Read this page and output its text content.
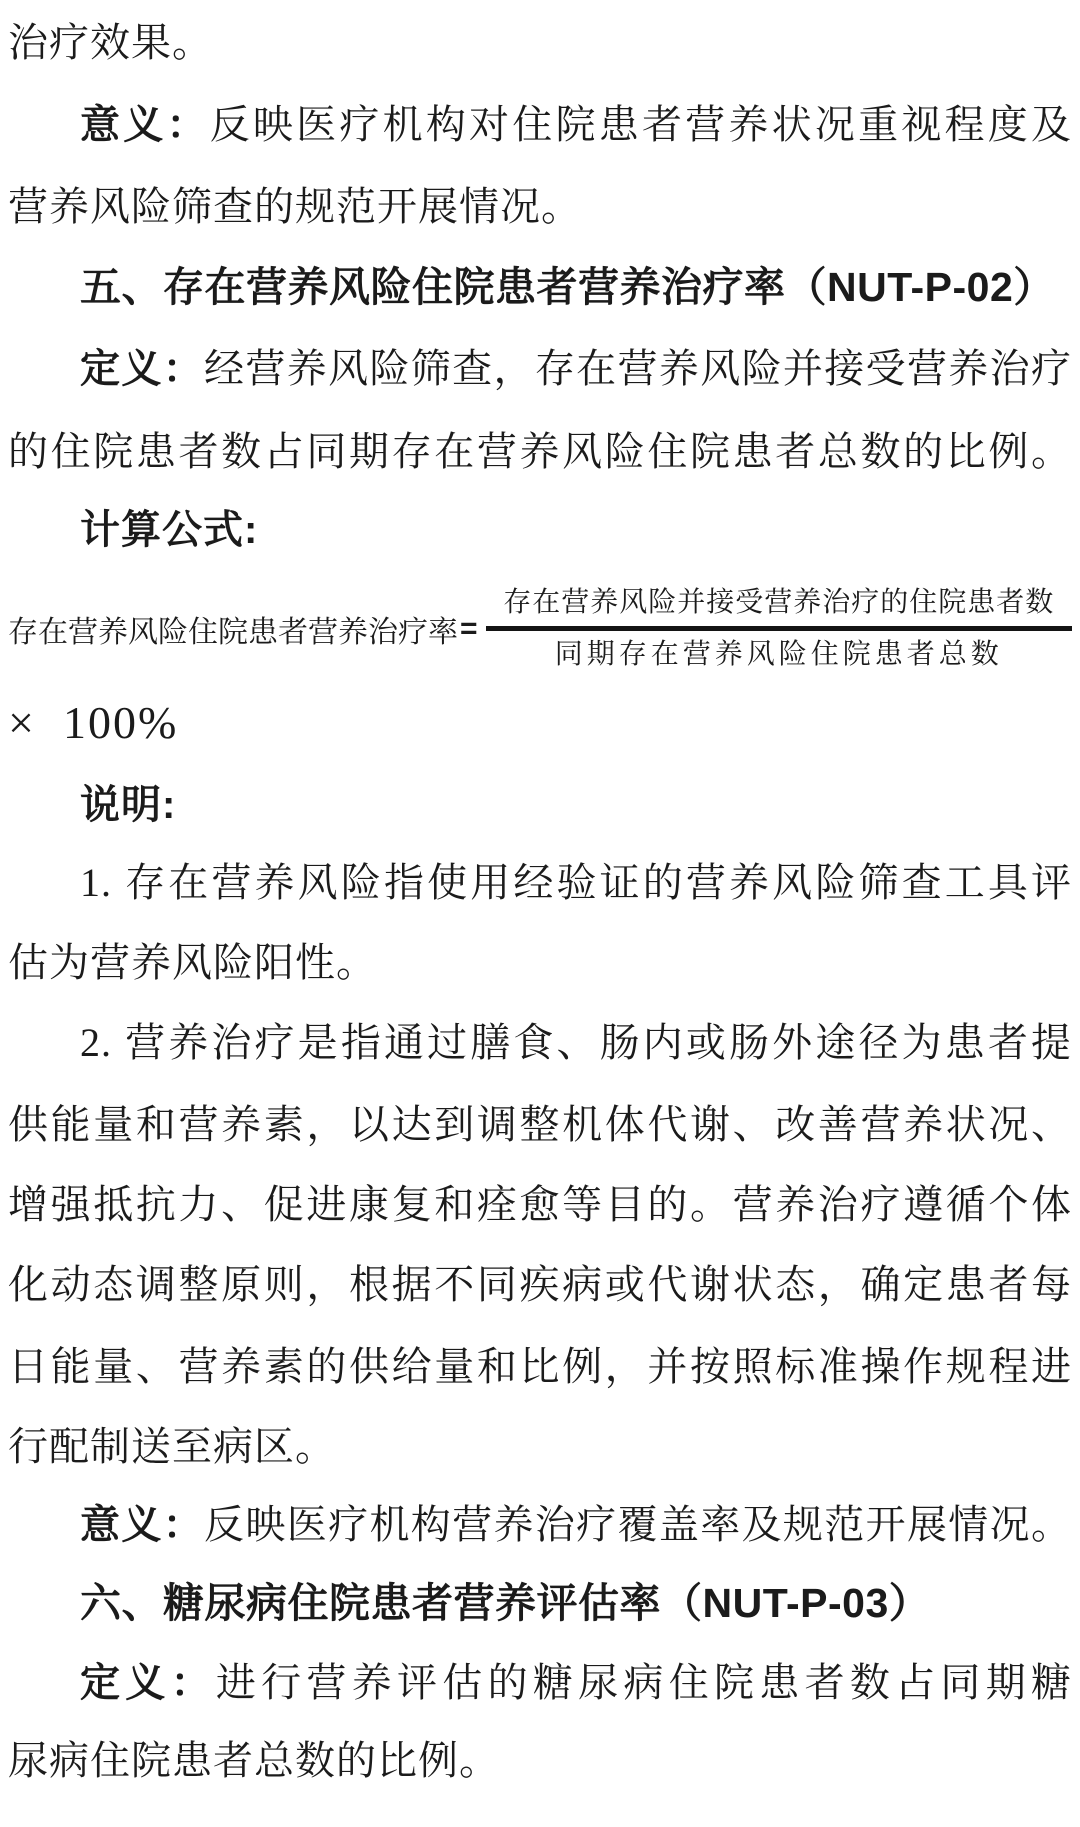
治疗效果。
意义：反映医疗机构对住院患者营养状况重视程度及
营养风险筛查的规范开展情况。
五、存在营养风险住院患者营养治疗率（NUT-P-02）
定义：经营养风险筛查，存在营养风险并接受营养治疗
的住院患者数占同期存在营养风险住院患者总数的比例。
计算公式:
存在营养风险住院患者营养治疗率 = $\frac{\text{存在营养风险并接受营养治疗的住院患者数}}{\text{同期存在营养风险住院患者总数}}$
×  100%
说明:
1. 存在营养风险指使用经验证的营养风险筛查工具评
估为营养风险阳性。
2. 营养治疗是指通过膳食、肠内或肠外途径为患者提
供能量和营养素，以达到调整机体代谢、改善营养状况、
增强抵抗力、促进康复和痊愈等目的。营养治疗遵循个体
化动态调整原则，根据不同疾病或代谢状态，确定患者每
日能量、营养素的供给量和比例，并按照标准操作规程进
行配制送至病区。
意义：反映医疗机构营养治疗覆盖率及规范开展情况。
六、糖尿病住院患者营养评估率（NUT-P-03）
定义：进行营养评估的糖尿病住院患者数占同期糖
尿病住院患者总数的比例。
